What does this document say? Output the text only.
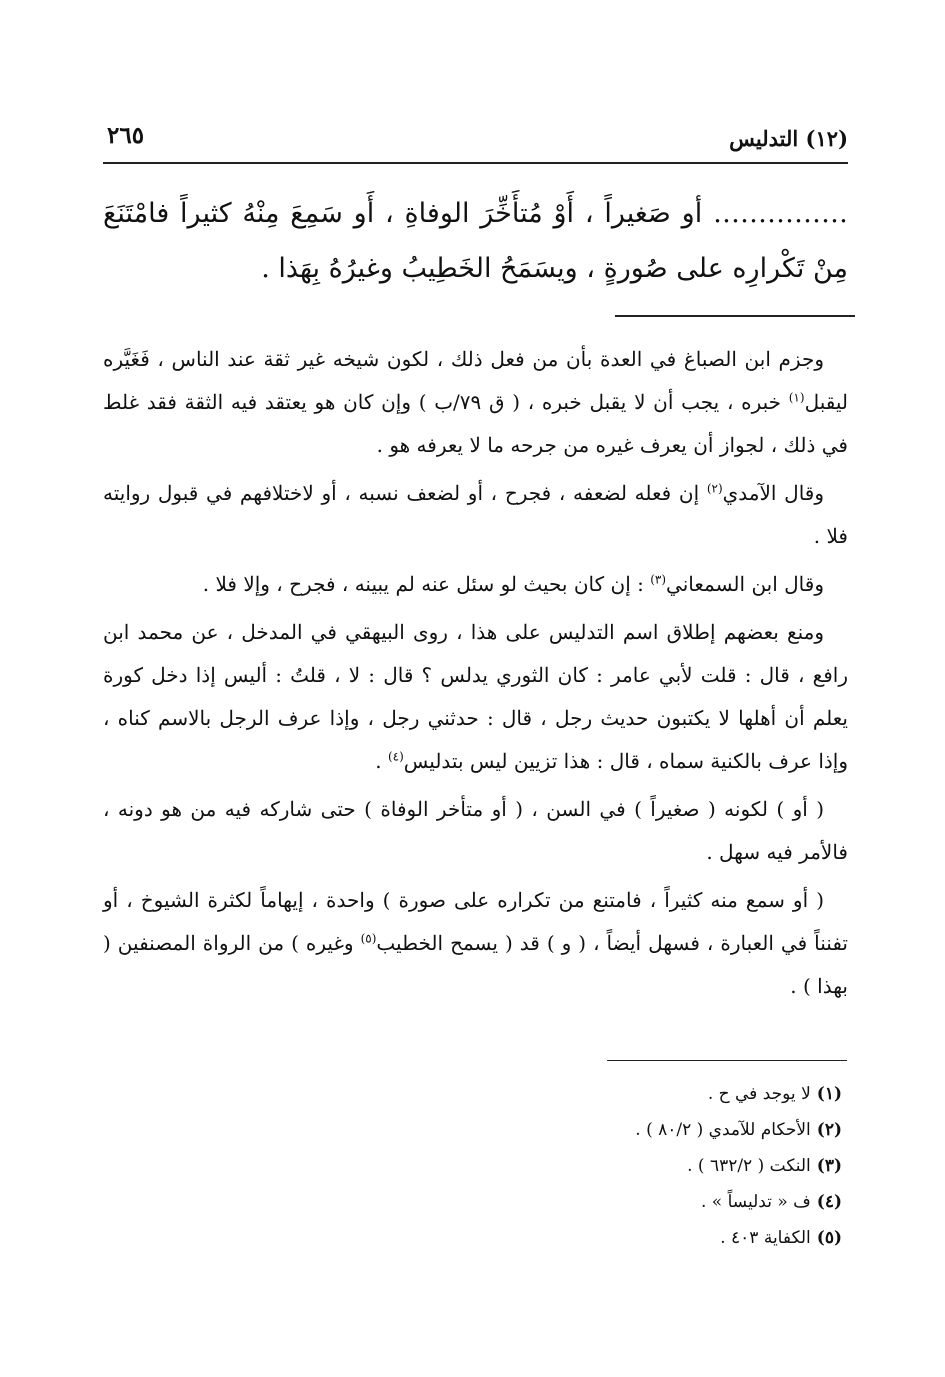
(١٢) التدليس
٢٦٥
…………… أو صَغيراً ، أَوْ مُتأَخِّرَ الوفاةِ ، أَو سَمِعَ مِنْهُ كثيراً فامْتَنَعَ مِنْ تَكْرارِه على صُورةٍ ، ويسَمَحُ الخَطِيبُ وغيرُهُ بِهَذا .

وجزم ابن الصباغ في العدة بأن من فعل ذلك ، لكون شيخه غير ثقة عند الناس ، فَغَيَّره ليقبل$^{(١)}$ خبره ، يجب أن لا يقبل خبره ، ( ق ٧٩/ب ) وإن كان هو يعتقد فيه الثقة فقد غلط في ذلك ، لجواز أن يعرف غيره من جرحه ما لا يعرفه هو .

وقال الآمدي$^{(٢)}$ إن فعله لضعفه ، فجرح ، أو لضعف نسبه ، أو لاختلافهم في قبول روايته فلا .

وقال ابن السمعاني$^{(٣)}$ : إن كان بحيث لو سئل عنه لم يبينه ، فجرح ، وإلا فلا .

ومنع بعضهم إطلاق اسم التدليس على هذا ، روى البيهقي في المدخل ، عن محمد ابن رافع ، قال : قلت لأبي عامر : كان الثوري يدلس ؟ قال : لا ، قلتُ : أليس إذا دخل كورة يعلم أن أهلها لا يكتبون حديث رجل ، قال : حدثني رجل ، وإذا عرف الرجل بالاسم كناه ، وإذا عرف بالكنية سماه ، قال : هذا تزيين ليس بتدليس$^{(٤)}$ .

( أو ) لكونه ( صغيراً ) في السن ، ( أو متأخر الوفاة ) حتى شاركه فيه من هو دونه ، فالأمر فيه سهل .

( أو سمع منه كثيراً ، فامتنع من تكراره على صورة ) واحدة ، إيهاماً لكثرة الشيوخ ، أو تفنناً في العبارة ، فسهل أيضاً ، ( و ) قد ( يسمح الخطيب$^{(٥)}$ وغيره ) من الرواة المصنفين ( بهذا ) .

(١)لا يوجد في ح .
(٢)الأحكام للآمدي ( ٨٠/٢ ) .
(٣)النكت ( ٦٣٢/٢ ) .
(٤)ف « تدليساً » .
(٥)الكفاية ٤٠٣ .
